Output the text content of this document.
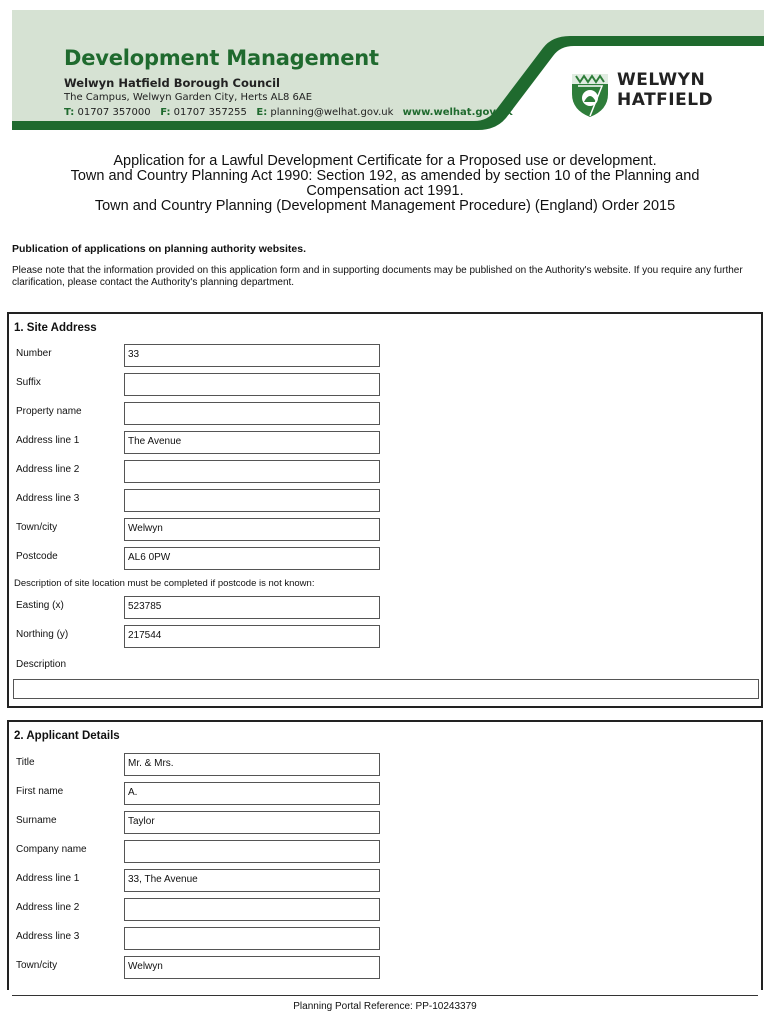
Development Management
Welwyn Hatfield Borough Council
The Campus, Welwyn Garden City, Herts AL8 6AE
T: 01707 357000 F: 01707 357255 E: planning@welhat.gov.uk www.welhat.gov.uk
WELWYN
HATFIELD
Application for a Lawful Development Certificate for a Proposed use or development.
Town and Country Planning Act 1990: Section 192, as amended by section 10 of the Planning and
Compensation act 1991.
Town and Country Planning (Development Management Procedure) (England) Order 2015
Publication of applications on planning authority websites.
Please note that the information provided on this application form and in supporting documents may be published on the Authority's website. If you require any further clarification, please contact the Authority's planning department.
1. Site Address
Number	33
Suffix
Property name
Address line 1	The Avenue
Address line 2
Address line 3
Town/city	Welwyn
Postcode	AL6 0PW
Description of site location must be completed if postcode is not known:
Easting (x)	523785
Northing (y)	217544
Description
2. Applicant Details
Title	Mr. & Mrs.
First name	A.
Surname	Taylor
Company name
Address line 1	33, The Avenue
Address line 2
Address line 3
Town/city	Welwyn
Planning Portal Reference: PP-10243379
